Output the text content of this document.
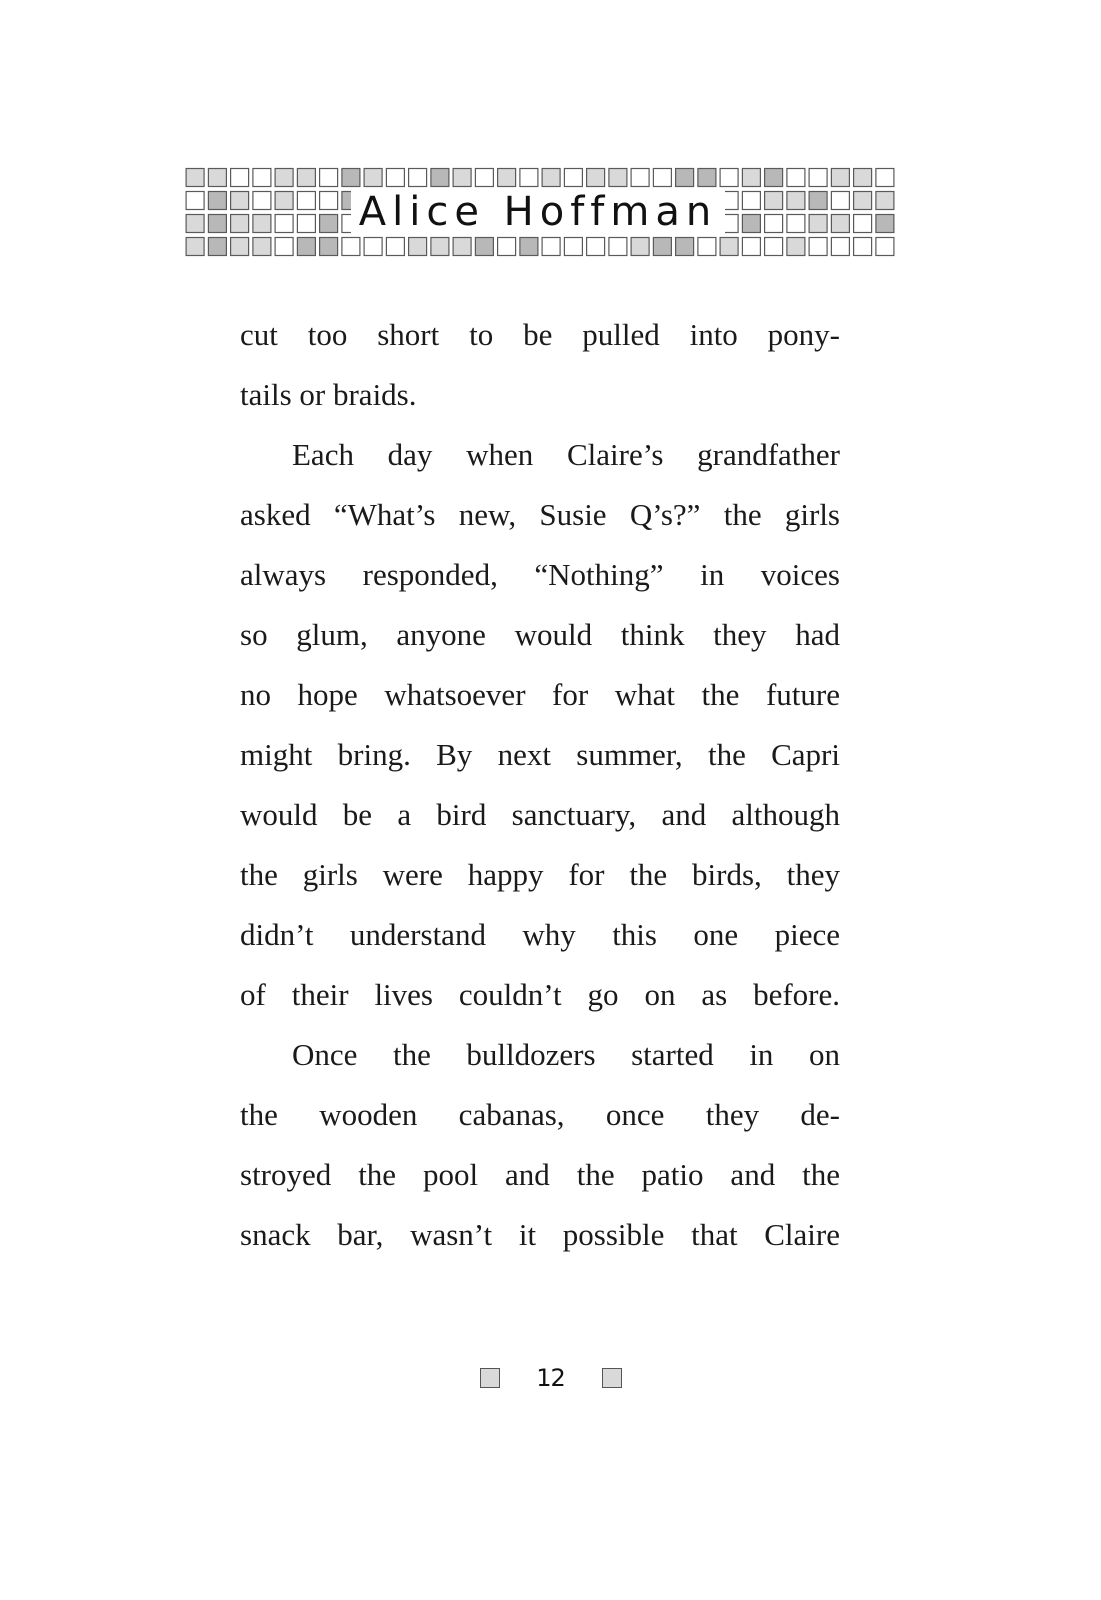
Alice Hoffman
cut too short to be pulled into pony-
tails or braids.
Each day when Claire’s grandfather
asked “What’s new, Susie Q’s?” the girls
always responded, “Nothing” in voices
so glum, anyone would think they had
no hope whatsoever for what the future
might bring. By next summer, the Capri
would be a bird sanctuary, and although
the girls were happy for the birds, they
didn’t understand why this one piece
of their lives couldn’t go on as before.
Once the bulldozers started in on
the wooden cabanas, once they de-
stroyed the pool and the patio and the
snack bar, wasn’t it possible that Claire
12
